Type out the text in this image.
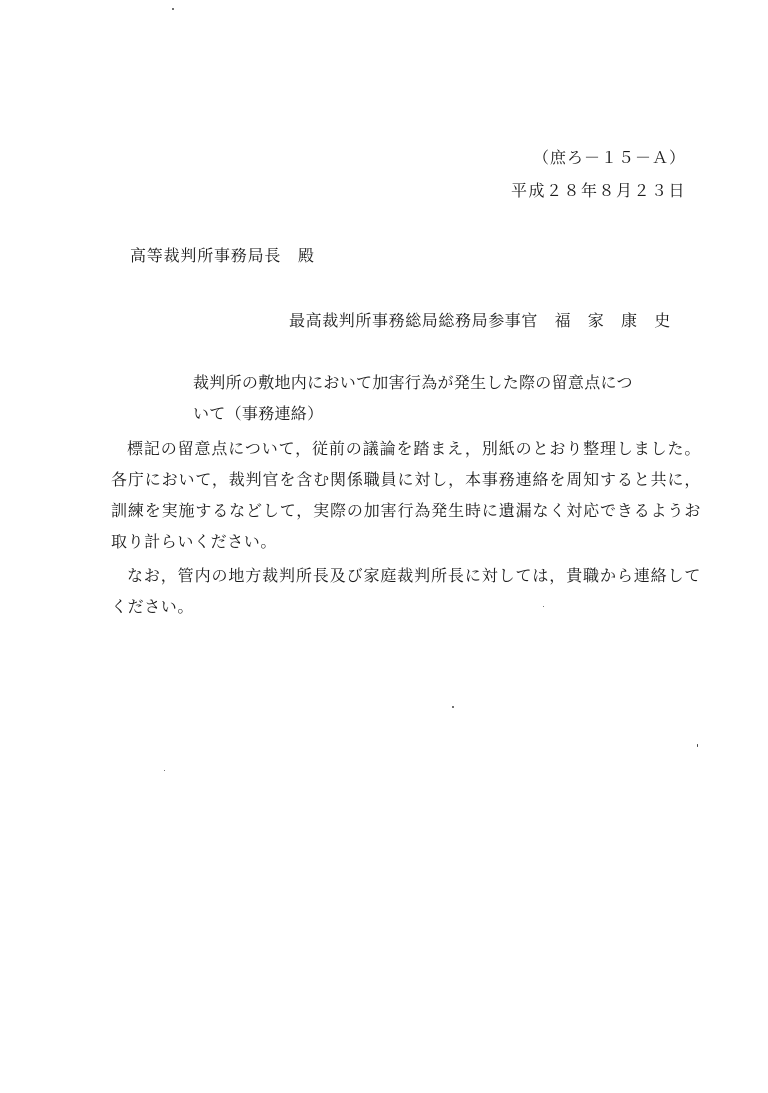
（庶ろ－１５－Ａ）
平成２８年８月２３日
高等裁判所事務局長　殿
最高裁判所事務総局総務局参事官　福　家　康　史
裁判所の敷地内において加害行為が発生した際の留意点につ
いて（事務連絡）
標記の留意点について，従前の議論を踏まえ，別紙のとおり整理しました。各庁において，裁判官を含む関係職員に対し，本事務連絡を周知すると共に，訓練を実施するなどして，実際の加害行為発生時に遺漏なく対応できるようお取り計らいください。
なお，管内の地方裁判所長及び家庭裁判所長に対しては，貴職から連絡してください。
